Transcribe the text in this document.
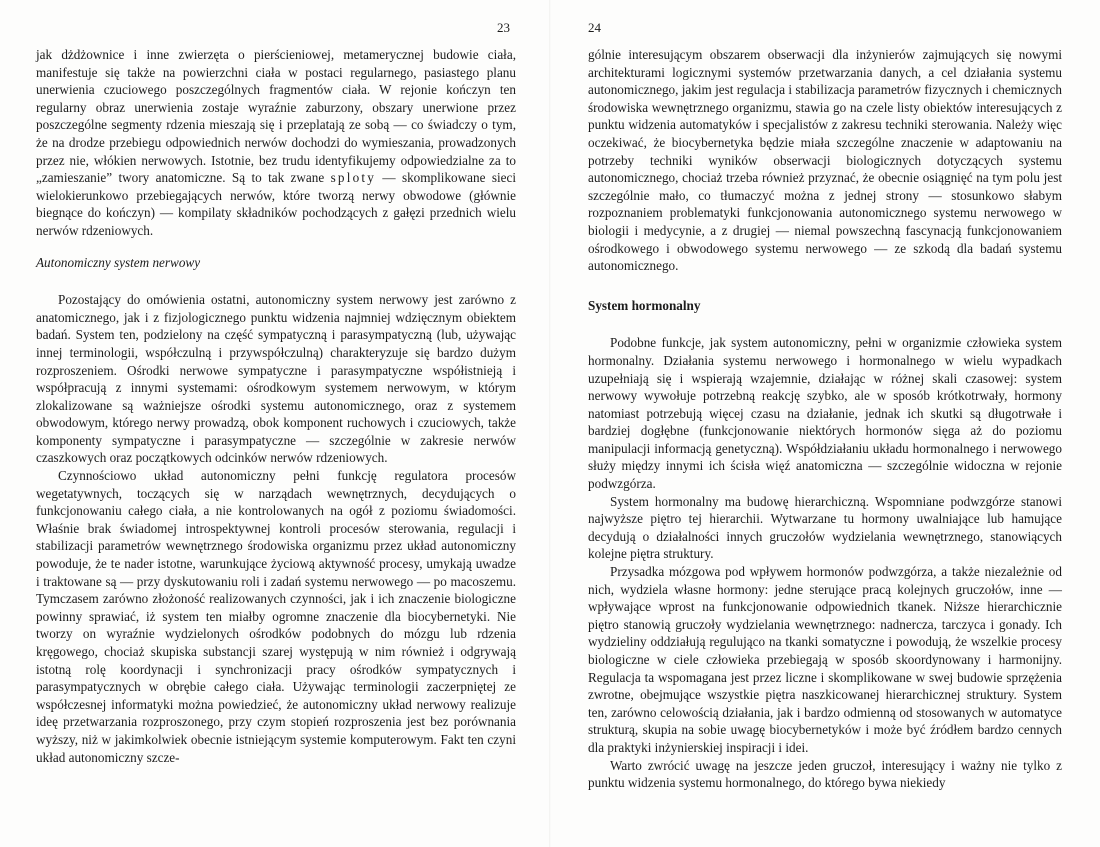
23

jak dżdżownice i inne zwierzęta o pierścieniowej, metamerycznej budowie ciała, manifestuje się także na powierzchni ciała w postaci regularnego, pasiastego planu unerwienia czuciowego poszczególnych fragmentów ciała. W rejonie kończyn ten regularny obraz unerwienia zostaje wyraźnie zaburzony, obszary unerwione przez poszczególne segmenty rdzenia mieszają się i przeplatają ze sobą — co świadczy o tym, że na drodze przebiegu odpowiednich nerwów dochodzi do wymieszania, prowadzonych przez nie, włókien nerwowych. Istotnie, bez trudu identyfikujemy odpowiedzialne za to „zamieszanie” twory anatomiczne. Są to tak zwane sploty — skomplikowane sieci wielokierunkowo przebiegających nerwów, które tworzą nerwy obwodowe (głównie biegnące do kończyn) — kompilaty składników pochodzących z gałęzi przednich wielu nerwów rdzeniowych.

Autonomiczny system nerwowy

Pozostający do omówienia ostatni, autonomiczny system nerwowy jest zarówno z anatomicznego, jak i z fizjologicznego punktu widzenia najmniej wdzięcznym obiektem badań. System ten, podzielony na część sympatyczną i parasympatyczną (lub, używając innej terminologii, współczulną i przywspółczulną) charakteryzuje się bardzo dużym rozproszeniem. Ośrodki nerwowe sympatyczne i parasympatyczne współistnieją i współpracują z innymi systemami: ośrodkowym systemem nerwowym, w którym zlokalizowane są ważniejsze ośrodki systemu autonomicznego, oraz z systemem obwodowym, którego nerwy prowadzą, obok komponent ruchowych i czuciowych, także komponenty sympatyczne i parasympatyczne — szczególnie w zakresie nerwów czaszkowych oraz początkowych odcinków nerwów rdzeniowych.

Czynnościowo układ autonomiczny pełni funkcję regulatora procesów wegetatywnych, toczących się w narządach wewnętrznych, decydujących o funkcjonowaniu całego ciała, a nie kontrolowanych na ogół z poziomu świadomości. Właśnie brak świadomej introspektywnej kontroli procesów sterowania, regulacji i stabilizacji parametrów wewnętrznego środowiska organizmu przez układ autonomiczny powoduje, że te nader istotne, warunkujące życiową aktywność procesy, umykają uwadze i traktowane są — przy dyskutowaniu roli i zadań systemu nerwowego — po macoszemu. Tymczasem zarówno złożoność realizowanych czynności, jak i ich znaczenie biologiczne powinny sprawiać, iż system ten miałby ogromne znaczenie dla biocybernetyki. Nie tworzy on wyraźnie wydzielonych ośrodków podobnych do mózgu lub rdzenia kręgowego, chociaż skupiska substancji szarej występują w nim również i odgrywają istotną rolę koordynacji i synchronizacji pracy ośrodków sympatycznych i parasympatycznych w obrębie całego ciała. Używając terminologii zaczerpniętej ze współczesnej informatyki można powiedzieć, że autonomiczny układ nerwowy realizuje ideę przetwarzania rozproszonego, przy czym stopień rozproszenia jest bez porównania wyższy, niż w jakimkolwiek obecnie istniejącym systemie komputerowym. Fakt ten czyni układ autonomiczny szcze-

24

gólnie interesującym obszarem obserwacji dla inżynierów zajmujących się nowymi architekturami logicznymi systemów przetwarzania danych, a cel działania systemu autonomicznego, jakim jest regulacja i stabilizacja parametrów fizycznych i chemicznych środowiska wewnętrznego organizmu, stawia go na czele listy obiektów interesujących z punktu widzenia automatyków i specjalistów z zakresu techniki sterowania. Należy więc oczekiwać, że biocybernetyka będzie miała szczególne znaczenie w adaptowaniu na potrzeby techniki wyników obserwacji biologicznych dotyczących systemu autonomicznego, chociaż trzeba również przyznać, że obecnie osiągnięć na tym polu jest szczególnie mało, co tłumaczyć można z jednej strony — stosunkowo słabym rozpoznaniem problematyki funkcjonowania autonomicznego systemu nerwowego w biologii i medycynie, a z drugiej — niemal powszechną fascynacją funkcjonowaniem ośrodkowego i obwodowego systemu nerwowego — ze szkodą dla badań systemu autonomicznego.

System hormonalny

Podobne funkcje, jak system autonomiczny, pełni w organizmie człowieka system hormonalny. Działania systemu nerwowego i hormonalnego w wielu wypadkach uzupełniają się i wspierają wzajemnie, działając w różnej skali czasowej: system nerwowy wywołuje potrzebną reakcję szybko, ale w sposób krótkotrwały, hormony natomiast potrzebują więcej czasu na działanie, jednak ich skutki są długotrwałe i bardziej dogłębne (funkcjonowanie niektórych hormonów sięga aż do poziomu manipulacji informacją genetyczną). Współdziałaniu układu hormonalnego i nerwowego służy między innymi ich ścisła więź anatomiczna — szczególnie widoczna w rejonie podwzgórza.

System hormonalny ma budowę hierarchiczną. Wspomniane podwzgórze stanowi najwyższe piętro tej hierarchii. Wytwarzane tu hormony uwalniające lub hamujące decydują o działalności innych gruczołów wydzielania wewnętrznego, stanowiących kolejne piętra struktury.

Przysadka mózgowa pod wpływem hormonów podwzgórza, a także niezależnie od nich, wydziela własne hormony: jedne sterujące pracą kolejnych gruczołów, inne — wpływające wprost na funkcjonowanie odpowiednich tkanek. Niższe hierarchicznie piętro stanowią gruczoły wydzielania wewnętrznego: nadnercza, tarczyca i gonady. Ich wydzieliny oddziałują regulująco na tkanki somatyczne i powodują, że wszelkie procesy biologiczne w ciele człowieka przebiegają w sposób skoordynowany i harmonijny. Regulacja ta wspomagana jest przez liczne i skomplikowane w swej budowie sprzężenia zwrotne, obejmujące wszystkie piętra naszkicowanej hierarchicznej struktury. System ten, zarówno celowością działania, jak i bardzo odmienną od stosowanych w automatyce strukturą, skupia na sobie uwagę biocybernetyków i może być źródłem bardzo cennych dla praktyki inżynierskiej inspiracji i idei.

Warto zwrócić uwagę na jeszcze jeden gruczoł, interesujący i ważny nie tylko z punktu widzenia systemu hormonalnego, do którego bywa niekiedy
